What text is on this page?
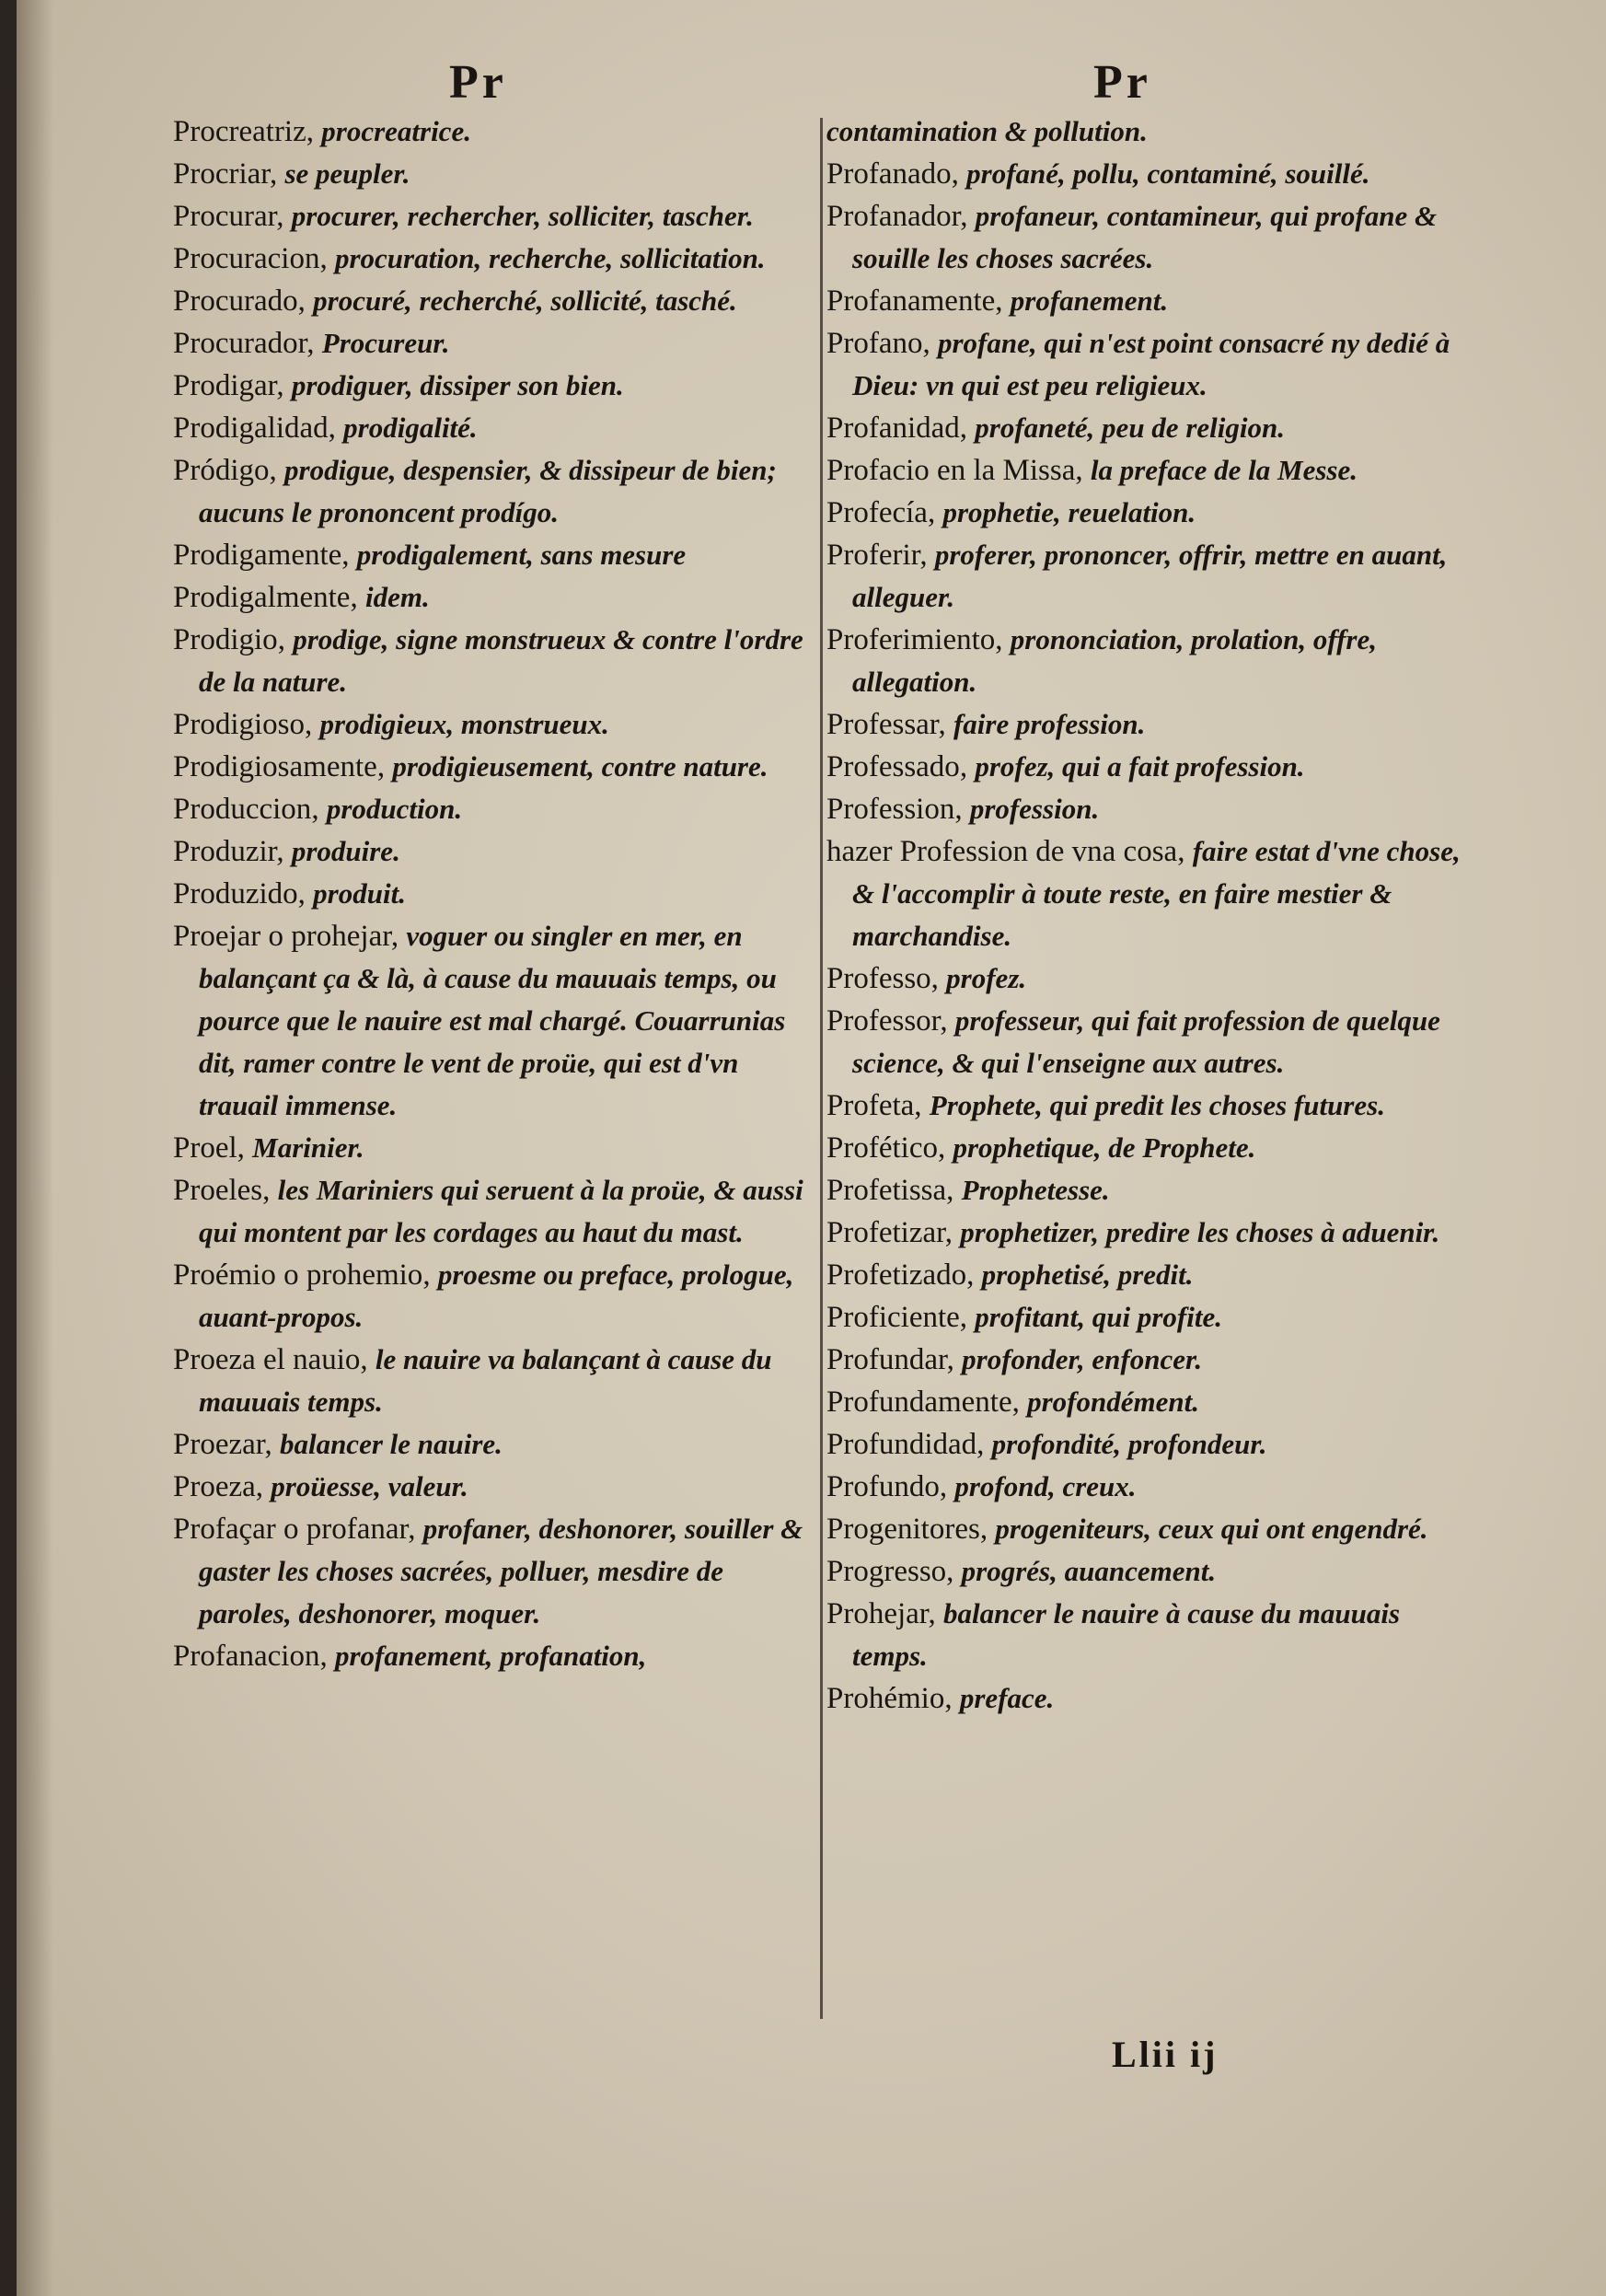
Pr	Pr

Procreatriz, procreatrice.

Procriar, se peupler.

Procurar, procurer, rechercher, solliciter, tascher.

Procuracion, procuration, recherche, sollicitation.

Procurado, procuré, recherché, sollicité, tasché.

Procurador, Procureur.

Prodigar, prodiguer, dissiper son bien.

Prodigalidad, prodigalité.

Pródigo, prodigue, despensier, & dissipeur de bien; aucuns le prononcent prodígo.

Prodigamente, prodigalement, sans mesure

Prodigalmente, idem.

Prodigio, prodige, signe monstrueux & contre l'ordre de la nature.

Prodigioso, prodigieux, monstrueux.

Prodigiosamente, prodigieusement, contre nature.

Produccion, production.

Produzir, produire.

Produzido, produit.

Proejar o prohejar, voguer ou singler en mer, en balançant ça & là, à cause du mauuais temps, ou pource que le nauire est mal chargé. Couarrunias dit, ramer contre le vent de proüe, qui est d'vn trauail immense.

Proel, Marinier.

Proeles, les Mariniers qui seruent à la proüe, & aussi qui montent par les cordages au haut du mast.

Proémio o prohemio, proesme ou preface, prologue, auant-propos.

Proeza el nauio, le nauire va balançant à cause du mauuais temps.

Proezar, balancer le nauire.

Proeza, proüesse, valeur.

Profaçar o profanar, profaner, deshonorer, souiller & gaster les choses sacrées, polluer, mesdire de paroles, deshonorer, moquer.

Profanacion, profanement, profanation,

contamination & pollution.

Profanado, profané, pollu, contaminé, souillé.

Profanador, profaneur, contamineur, qui profane & souille les choses sacrées.

Profanamente, profanement.

Profano, profane, qui n'est point consacré ny dedié à Dieu: vn qui est peu religieux.

Profanidad, profaneté, peu de religion.

Profacio en la Missa, la preface de la Messe.

Profecía, prophetie, reuelation.

Proferir, proferer, prononcer, offrir, mettre en auant, alleguer.

Proferimiento, prononciation, prolation, offre, allegation.

Professar, faire profession.

Professado, profez, qui a fait profession.

Profession, profession.

hazer Profession de vna cosa, faire estat d'vne chose, & l'accomplir à toute reste, en faire mestier & marchandise.

Professo, profez.

Professor, professeur, qui fait profession de quelque science, & qui l'enseigne aux autres.

Profeta, Prophete, qui predit les choses futures.

Profético, prophetique, de Prophete.

Profetissa, Prophetesse.

Profetizar, prophetizer, predire les choses à aduenir.

Profetizado, prophetisé, predit.

Proficiente, profitant, qui profite.

Profundar, profonder, enfoncer.

Profundamente, profondément.

Profundidad, profondité, profondeur.

Profundo, profond, creux.

Progenitores, progeniteurs, ceux qui ont engendré.

Progresso, progrés, auancement.

Prohejar, balancer le nauire à cause du mauuais temps.

Prohémio, preface.

Llii ij
